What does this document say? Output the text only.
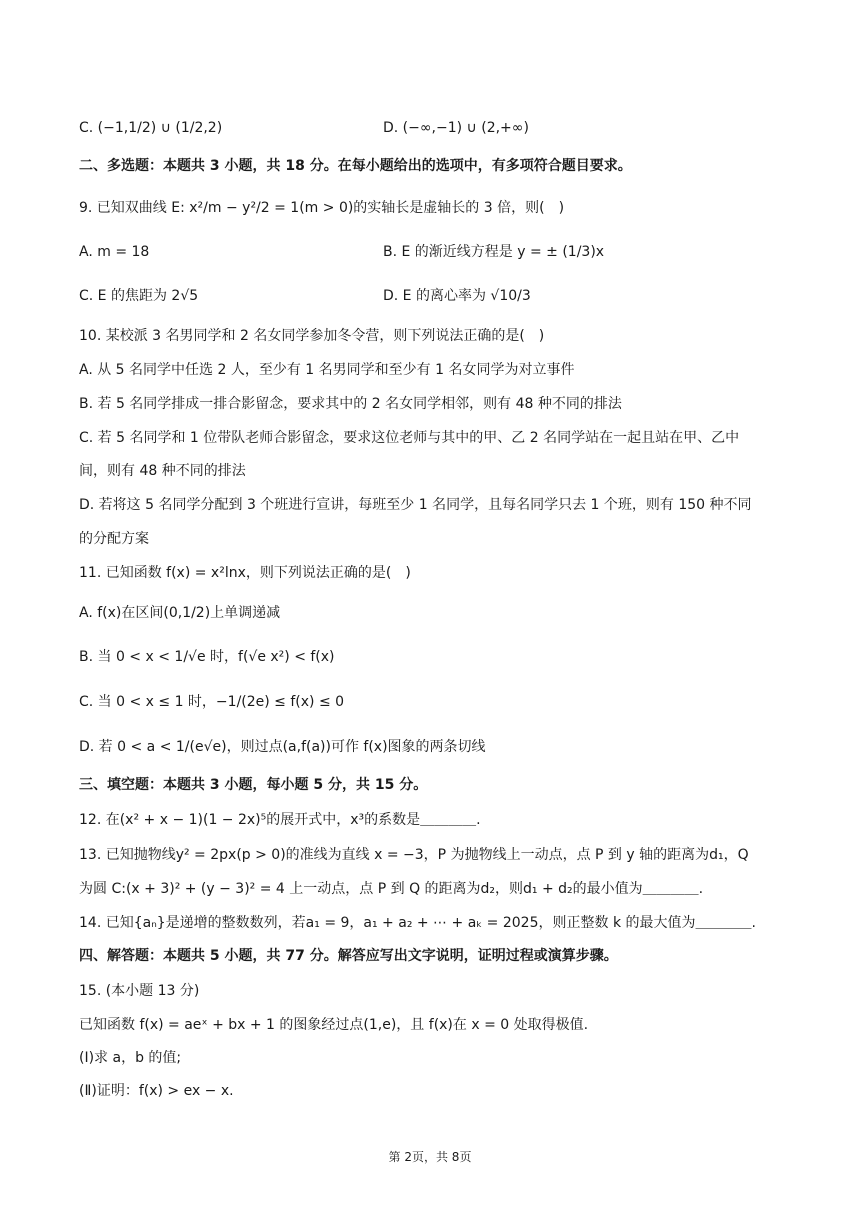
C. (−1,1/2) ∪ (1/2,2)	D. (−∞,−1) ∪ (2,+∞)
二、多选题：本题共 3 小题，共 18 分。在每小题给出的选项中，有多项符合题目要求。
9. 已知双曲线 E: x²/m − y²/2 = 1(m > 0)的实轴长是虚轴长的 3 倍，则(　)
A. m = 18	B. E 的渐近线方程是 y = ± (1/3)x
C. E 的焦距为 2√5	D. E 的离心率为 √10/3
10. 某校派 3 名男同学和 2 名女同学参加冬令营，则下列说法正确的是(　)
A. 从 5 名同学中任选 2 人，至少有 1 名男同学和至少有 1 名女同学为对立事件
B. 若 5 名同学排成一排合影留念，要求其中的 2 名女同学相邻，则有 48 种不同的排法
C. 若 5 名同学和 1 位带队老师合影留念，要求这位老师与其中的甲、乙 2 名同学站在一起且站在甲、乙中
间，则有 48 种不同的排法
D. 若将这 5 名同学分配到 3 个班进行宣讲，每班至少 1 名同学，且每名同学只去 1 个班，则有 150 种不同
的分配方案
11. 已知函数 f(x) = x²lnx，则下列说法正确的是(　)
A. f(x)在区间(0,1/2)上单调递减
B. 当 0 < x < 1/√e 时，f(√e x²) < f(x)
C. 当 0 < x ≤ 1 时，−1/(2e) ≤ f(x) ≤ 0
D. 若 0 < a < 1/(e√e)，则过点(a,f(a))可作 f(x)图象的两条切线
三、填空题：本题共 3 小题，每小题 5 分，共 15 分。
12. 在(x² + x − 1)(1 − 2x)⁵的展开式中，x³的系数是＿＿＿＿.
13. 已知抛物线y² = 2px(p > 0)的准线为直线 x = −3，P 为抛物线上一动点，点 P 到 y 轴的距离为d₁，Q
为圆 C:(x + 3)² + (y − 3)² = 4 上一动点，点 P 到 Q 的距离为d₂，则d₁ + d₂的最小值为＿＿＿＿.
14. 已知{aₙ}是递增的整数数列，若a₁ = 9，a₁ + a₂ + ⋯ + aₖ = 2025，则正整数 k 的最大值为＿＿＿＿.
四、解答题：本题共 5 小题，共 77 分。解答应写出文字说明，证明过程或演算步骤。
15. (本小题 13 分)
已知函数 f(x) = aeˣ + bx + 1 的图象经过点(1,e)，且 f(x)在 x = 0 处取得极值.
(Ⅰ)求 a，b 的值;
(Ⅱ)证明：f(x) > ex − x.
第 2页，共 8页
